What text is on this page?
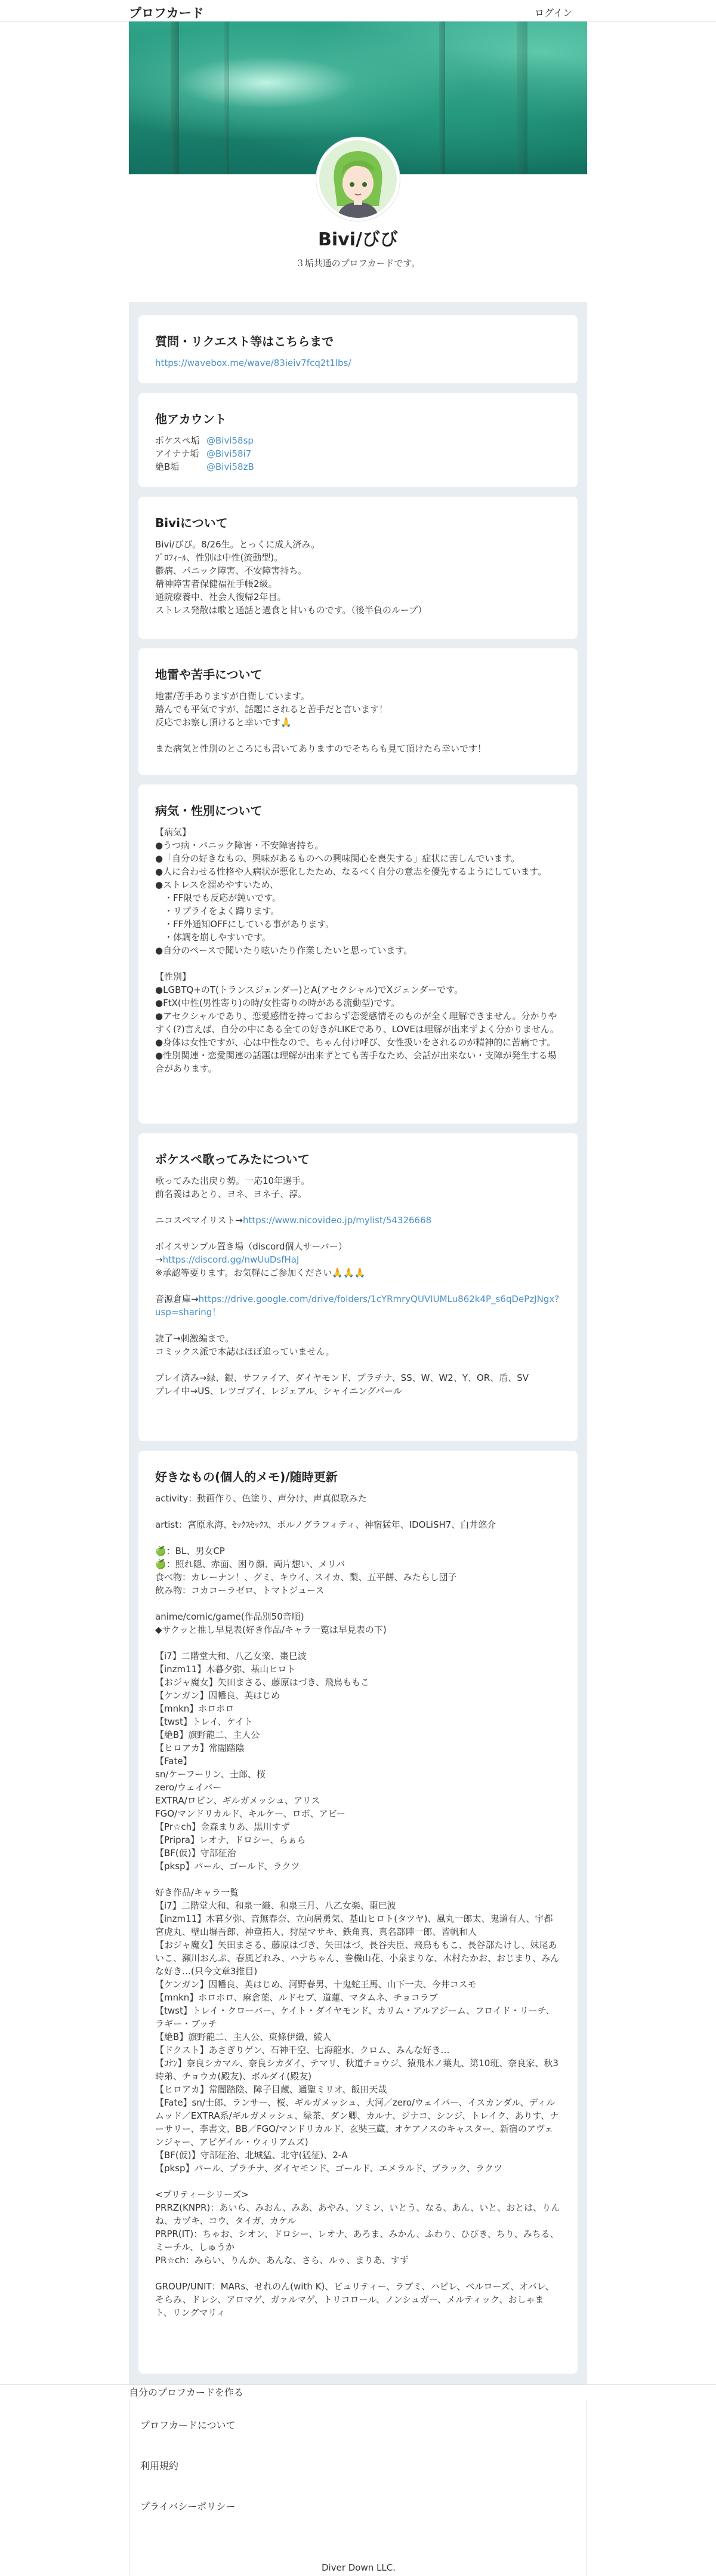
プロフカード	ログイン
Bivi/びび
３垢共通のプロフカードです。
質問・リクエスト等はこちらまで
https://wavebox.me/wave/83ieiv7fcq2t1lbs/
他アカウント
ポケスペ垢 @Bivi58sp
アイナナ垢 @Bivi58i7
絶B垢	@Bivi58zB
Biviについて
Bivi/びび。8/26生。とっくに成人済み。
ﾌﾟﾛﾌｨｰﾙ、性別は中性(流動型)。
鬱病、パニック障害、不安障害持ち。
精神障害者保健福祉手帳2級。
通院療養中、社会人復帰2年目。
ストレス発散は歌と通話と過食と甘いものです。（後半負のループ）
地雷や苦手について
地雷/苦手ありますが自衛しています。
踏んでも平気ですが、話題にされると苦手だと言います！
反応でお察し頂けると幸いです🙏
また病気と性別のところにも書いてありますのでそちらも見て頂けたら幸いです！
病気・性別について
【病気】
●うつ病・パニック障害・不安障害持ち。
●「自分の好きなもの、興味があるものへの興味関心を喪失する」症状に苦しんでいます。
●人に合わせる性格や人病状が悪化したため、なるべく自分の意志を優先するようにしています。
●ストレスを溜めやすいため、
　・FF限でも反応が鈍いです。
　・リプライをよく躊ります。
　・FF外通知OFFにしている事があります。
　・体調を崩しやすいです。
●自分のペースで聞いたり呟いたり作業したいと思っています。
【性別】
●LGBTQ+のT(トランスジェンダー)とA(アセクシャル)でXジェンダーです。
●FtX(中性(男性寄り)の時/女性寄りの時がある流動型)です。
●アセクシャルであり、恋愛感情を持っておらず恋愛感情そのものが全く理解できません。分かりやすく(?)言えば、自分の中にある全ての好きがLIKEであり、LOVEは理解が出来ずよく分かりません。
●身体は女性ですが、心は中性なので、ちゃん付け呼び、女性扱いをされるのが精神的に苦痛です。
●性別関連・恋愛関連の話題は理解が出来ずとても苦手なため、会話が出来ない・支障が発生する場合があります。
ポケスペ歌ってみたについて
歌ってみた出戻り勢。一応10年選手。
前名義はあとり、ヨネ、ヨネ子、淳。
ニコスペマイリスト→https://www.nicovideo.jp/mylist/54326668
ボイスサンプル置き場（discord個人サーバー）
→https://discord.gg/nwUuDsfHaJ
※承認等要ります。お気軽にご参加ください🙏🙏🙏
音源倉庫→https://drive.google.com/drive/folders/1cYRmryQUVIUMLu862k4P_s6qDePzJNgx?usp=sharing！
読了→刺激編まで。
コミックス派で本誌はほぼ追っていません。
プレイ済み→緑、銀、サファイア、ダイヤモンド、プラチナ、SS、W、W2、Y、OR、盾、SV
プレイ中→US、レツゴブイ、レジェアル、シャイニングパール
好きなもの(個人的メモ)/随時更新
activity：動画作り、色塗り、声分け、声真似歌みた
artist：宮原永海、ｾｯｸｽｾｯｸｽ、ポルノグラフィティ、神宿猛年、IDOLiSH7、白井悠介
🍏：BL、男女CP
🍏：照れ隠、赤面、困り顔、両片想い、メリバ
食べ物：カレーナン！、グミ、キウイ、スイカ、梨、五平餅、みたらし団子
飲み物：コカコーラゼロ、トマトジュース
anime/comic/game(作品別50音順)
◆サクッと推し早見表(好き作品/キャラ一覧は早見表の下)
【i7】二階堂大和、八乙女楽、棗巳波
【inzm11】木暮夕弥、基山ヒロト
【おジャ魔女】矢田まさる、藤原はづき、飛鳥ももこ
【ケンガン】因幡良、英はじめ
【mnkn】ホロホロ
【twst】トレイ、ケイト
【絶B】旗野龍二、主人公
【ヒロアカ】常闇踏陰
【Fate】
sn/ケーフーリン、士郎、桜
zero/ウェイバー
EXTRA/ロビン、ギルガメッシュ、アリス
FGO/マンドリカルド、キルケー、ロボ、アビー
【Pr☆ch】金森まりあ、黒川すず
【Pripra】レオナ、ドロシー、らぁら
【BF(仮)】守部征治
【pksp】パール、ゴールド、ラクツ
好き作品/キャラ一覧
【i7】二階堂大和、和泉一織、和泉三月、八乙女楽、棗巳波
【inzm11】木暮夕弥、音無春奈、立向居勇気、基山ヒロト(タツヤ)、風丸一郎太、鬼道有人、宇都宮虎丸、壁山塀吾郎、神童拓人、狩屋マサキ、鉄角真、真名部陣一郎、皆帆和人
【おジャ魔女】矢田まさる、藤原はづき、矢田はづ、長谷夫臣、飛鳥ももこ、長谷部たけし、妹尾あいこ、瀬川おんぷ、春風どれみ、ハナちゃん、巻機山花、小泉まりな、木村たかお、おじまり、みんな好き…(只今文章3推目)
【ケンガン】因幡良、英はじめ、河野春男、十鬼蛇王馬、山下一夫、今井コスモ
【mnkn】ホロホロ、麻倉葉、ルドセブ、道蓮、マタムネ、チョコラブ
【twst】トレイ・クローバー、ケイト・ダイヤモンド、カリム・アルアジーム、フロイド・リーチ、ラギー・ブッチ
【絶B】旗野龍二、主人公、東條伊織、綾人
【ドクスト】あさぎりゲン、石神千空、七海龍水、クロム、みんな好き…
【ｺﾅﾝ】奈良シカマル、奈良シカダイ、テマリ、秋道チョウジ、猿飛木ノ葉丸、第10班、奈良家、秋3時弟、チョウカ(殿友)、ボルダイ(殿友)
【ヒロアカ】常闇踏陰、障子目蔵、通聖ミリオ、飯田天哉
【Fate】sn/士郎、ランサー、桜、ギルガメッシュ、大河／zero/ウェイバー、イスカンダル、ディルムッド／EXTRA系/ギルガメッシュ、緑茶、ダン卿、カルナ、ジナコ、シンジ、トレイク、ありす、ナーサリー、李書文、BB／FGO/マンドリカルド、玄奘三蔵、オケアノスのキャスター、新宿のアヴェンジャー、アビゲイル・ウィリアムズ)
【BF(仮)】守部征治、北城猛、北守(猛征)、2-A
【pksp】パール、プラチナ、ダイヤモンド、ゴールド、エメラルド、ブラック、ラクツ
<プリティーシリーズ>
PRRZ(KNPR)：あいら、みおん、みあ、あやみ、ソミン、いとう、なる、あん、いと、おとは、りんね、カヅキ、コウ、タイガ、カケル
PRPR(IT)：ちゃお、シオン、ドロシー、レオナ、あろま、みかん、ふわり、ひびき、ちり、みちる、ミーチル、しゅうか
PR☆ch：みらい、りんか、あんな、さら、ルゥ、まりあ、すず
GROUP/UNIT：MARs、せれのん(with K)、ビュリティー、ラブミ、ハピレ、ベルローズ、オバレ、そらみ、ドレシ、アロマゲ、ガァルマゲ、トリコロール、ノンシュガー、メルティック、おしゃまト、リングマリィ
自分のプロフカードを作る
プロフカードについて
利用規約
プライバシーポリシー
Diver Down LLC.
